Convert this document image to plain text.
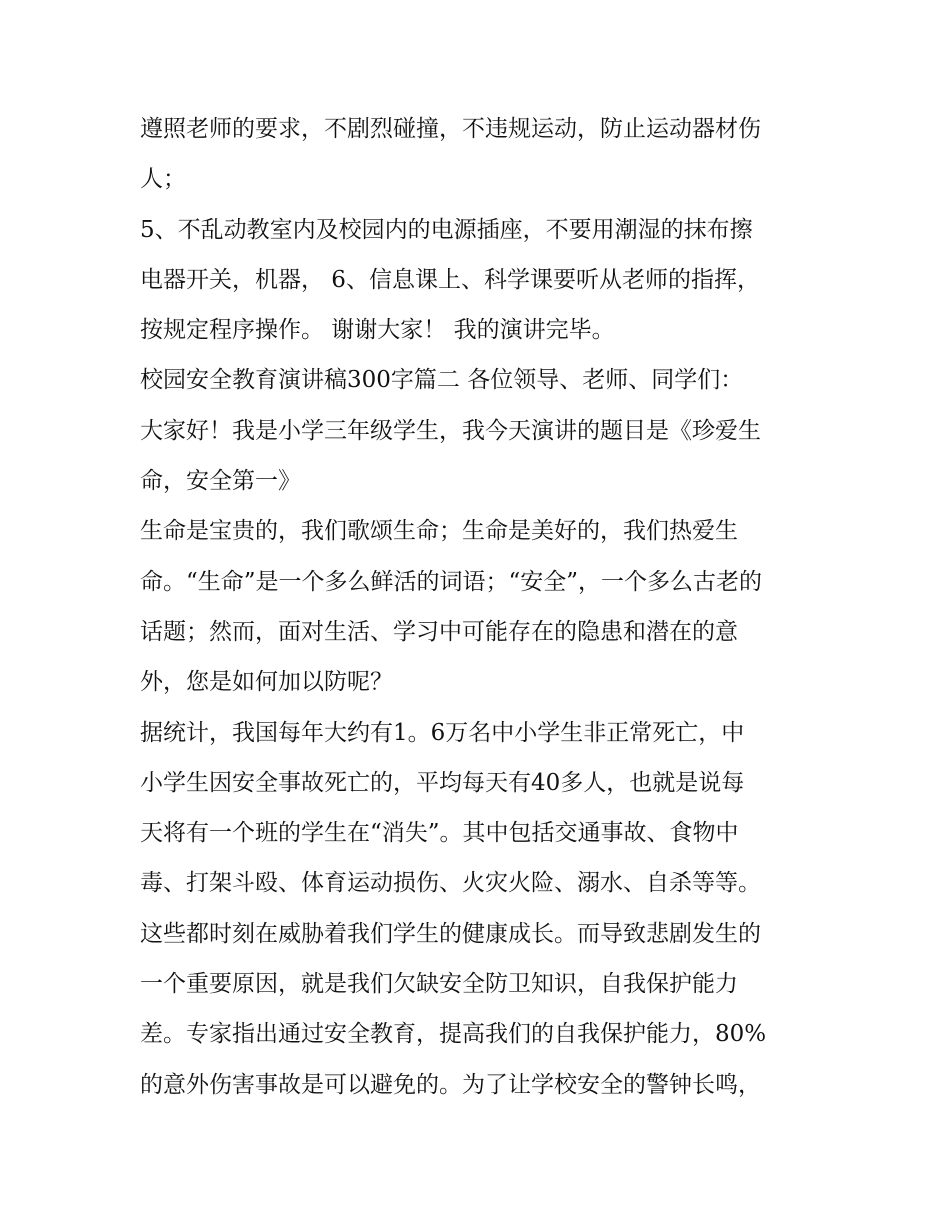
遵照老师的要求，不剧烈碰撞，不违规运动，防止运动器材伤
人；
5、不乱动教室内及校园内的电源插座，不要用潮湿的抹布擦
电器开关，机器， 6、信息课上、科学课要听从老师的指挥，
按规定程序操作。 谢谢大家！ 我的演讲完毕。
校园安全教育演讲稿300字篇二 各位领导、老师、同学们：
大家好！我是小学三年级学生，我今天演讲的题目是《珍爱生
命，安全第一》
生命是宝贵的，我们歌颂生命；生命是美好的，我们热爱生
命。“生命”是一个多么鲜活的词语；“安全”，一个多么古老的
话题；然而，面对生活、学习中可能存在的隐患和潜在的意
外，您是如何加以防呢？
据统计，我国每年大约有1。6万名中小学生非正常死亡，中
小学生因安全事故死亡的，平均每天有40多人，也就是说每
天将有一个班的学生在“消失”。其中包括交通事故、食物中
毒、打架斗殴、体育运动损伤、火灾火险、溺水、自杀等等。
这些都时刻在威胁着我们学生的健康成长。而导致悲剧发生的
一个重要原因，就是我们欠缺安全防卫知识，自我保护能力
差。专家指出通过安全教育，提高我们的自我保护能力，80%
的意外伤害事故是可以避免的。为了让学校安全的警钟长鸣，
